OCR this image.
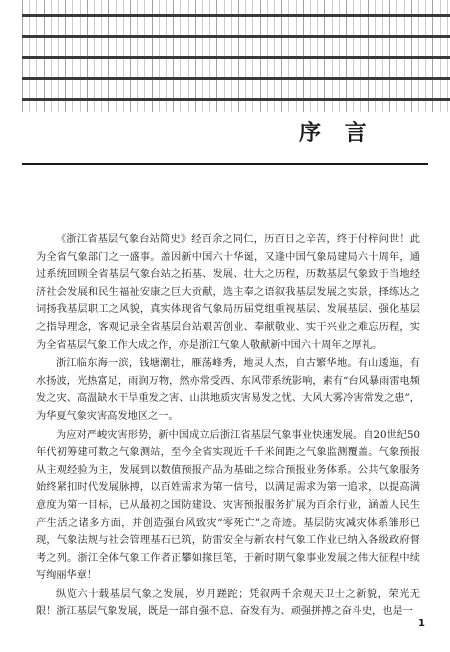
序 言

《浙江省基层气象台站简史》经百余之同仁，历百日之辛苦，终于付梓问世！此为全省气象部门之一盛事。盖因新中国六十华诞，又逢中国气象局建局六十周年，通过系统回顾全省基层气象台站之拓基、发展、壮大之历程，历数基层气象致于当地经济社会发展和民生福祉安康之巨大贡献，选主奉之语叙我基层发展之实景，择练达之词扬我基层职工之风貌，真实体现省气象局历届党组重视基层、发展基层、强化基层之指导理念，客观记录全省基层台站艰苦创业、奉献敬业、实干兴业之难忘历程，实为全省基层气象工作大成之作，亦是浙江气象人敬献新中国六十周年之厚礼。

浙江临东海一滨，钱塘潮壮，雁荡峰秀，地灵人杰，自古繁华地。有山逶迤，有水扬波，光热富足，雨润万物，然亦常受西、东风带系统影响，素有“台风暴雨雷电频发之灾、高温缺水干旱重发之害、山洪地质灾害易发之忧、大风大雾冷害常发之患”，为华夏气象灾害高发地区之一。

为应对严峻灾害形势，新中国成立后浙江省基层气象事业快速发展。自20世纪50年代初筹建可数之气象测站，至今全省实现近千千米间距之气象监测覆盖。气象预报从主观经验为主，发展到以数值预报产品为基础之综合预报业务体系。公共气象服务始终紧扣时代发展脉搏，以百姓需求为第一信号，以满足需求为第一追求，以提高满意度为第一目标，已从最初之国防建设、灾害预报服务扩展为百余行业，涵盖人民生产生活之诸多方面，并创造强台风致灾“零死亡”之奇迹。基层防灾减灾体系雏形已现，气象法规与社会管理基石已筑，防雷安全与新农村气象工作业已纳入各级政府督考之列。浙江全体气象工作者正攀如掾巨笔，于新时期气象事业发展之伟大征程中续写绚丽华章！

纵览六十载基层气象之发展，岁月蹉跎；凭叙两千余观天卫士之新貌，荣光无限！浙江基层气象发展，既是一部自强不息、奋发有为、顽强拼搏之奋斗史，也是一

1
